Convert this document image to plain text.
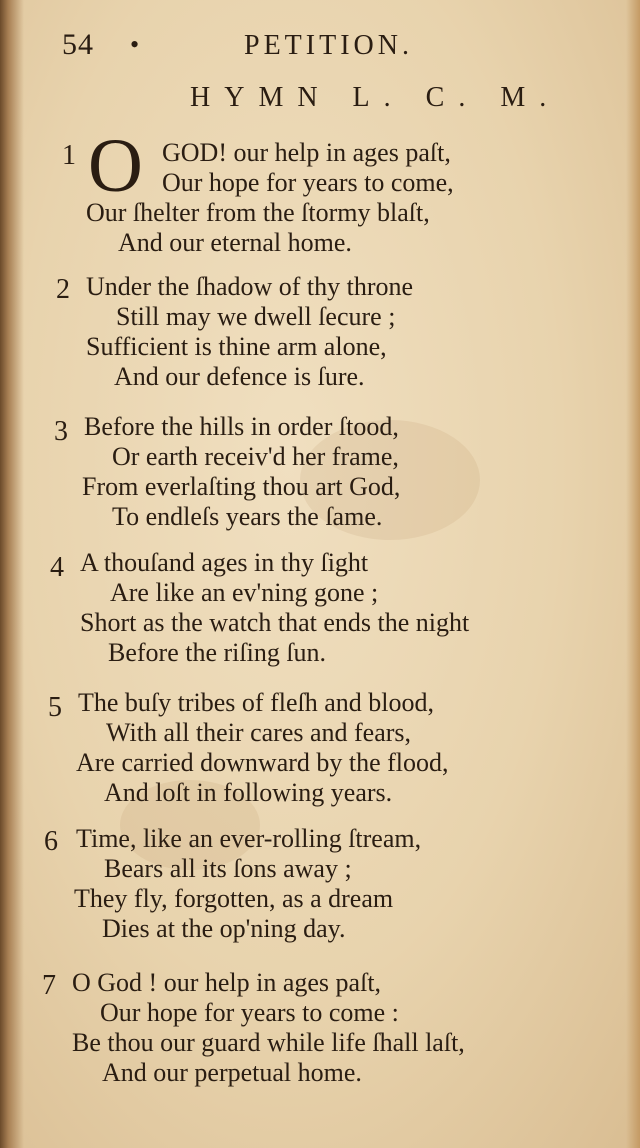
54 •	PETITION.
HYMN L. C. M.
1 O GOD! our help in ages paſt,
Our hope for years to come,
Our ſhelter from the ſtormy blaſt,
And our eternal home.
2 Under the ſhadow of thy throne
Still may we dwell ſecure ;
Sufficient is thine arm alone,
And our defence is ſure.
3 Before the hills in order ſtood,
Or earth receiv'd her frame,
From everlaſting thou art God,
To endleſs years the ſame.
4 A thouſand ages in thy ſight
Are like an ev'ning gone ;
Short as the watch that ends the night
Before the riſing ſun.
5 The buſy tribes of fleſh and blood,
With all their cares and fears,
Are carried downward by the flood,
And loſt in following years.
6 Time, like an ever-rolling ſtream,
Bears all its ſons away ;
They fly, forgotten, as a dream
Dies at the op'ning day.
7 O God ! our help in ages paſt,
Our hope for years to come :
Be thou our guard while life ſhall laſt,
And our perpetual home.
